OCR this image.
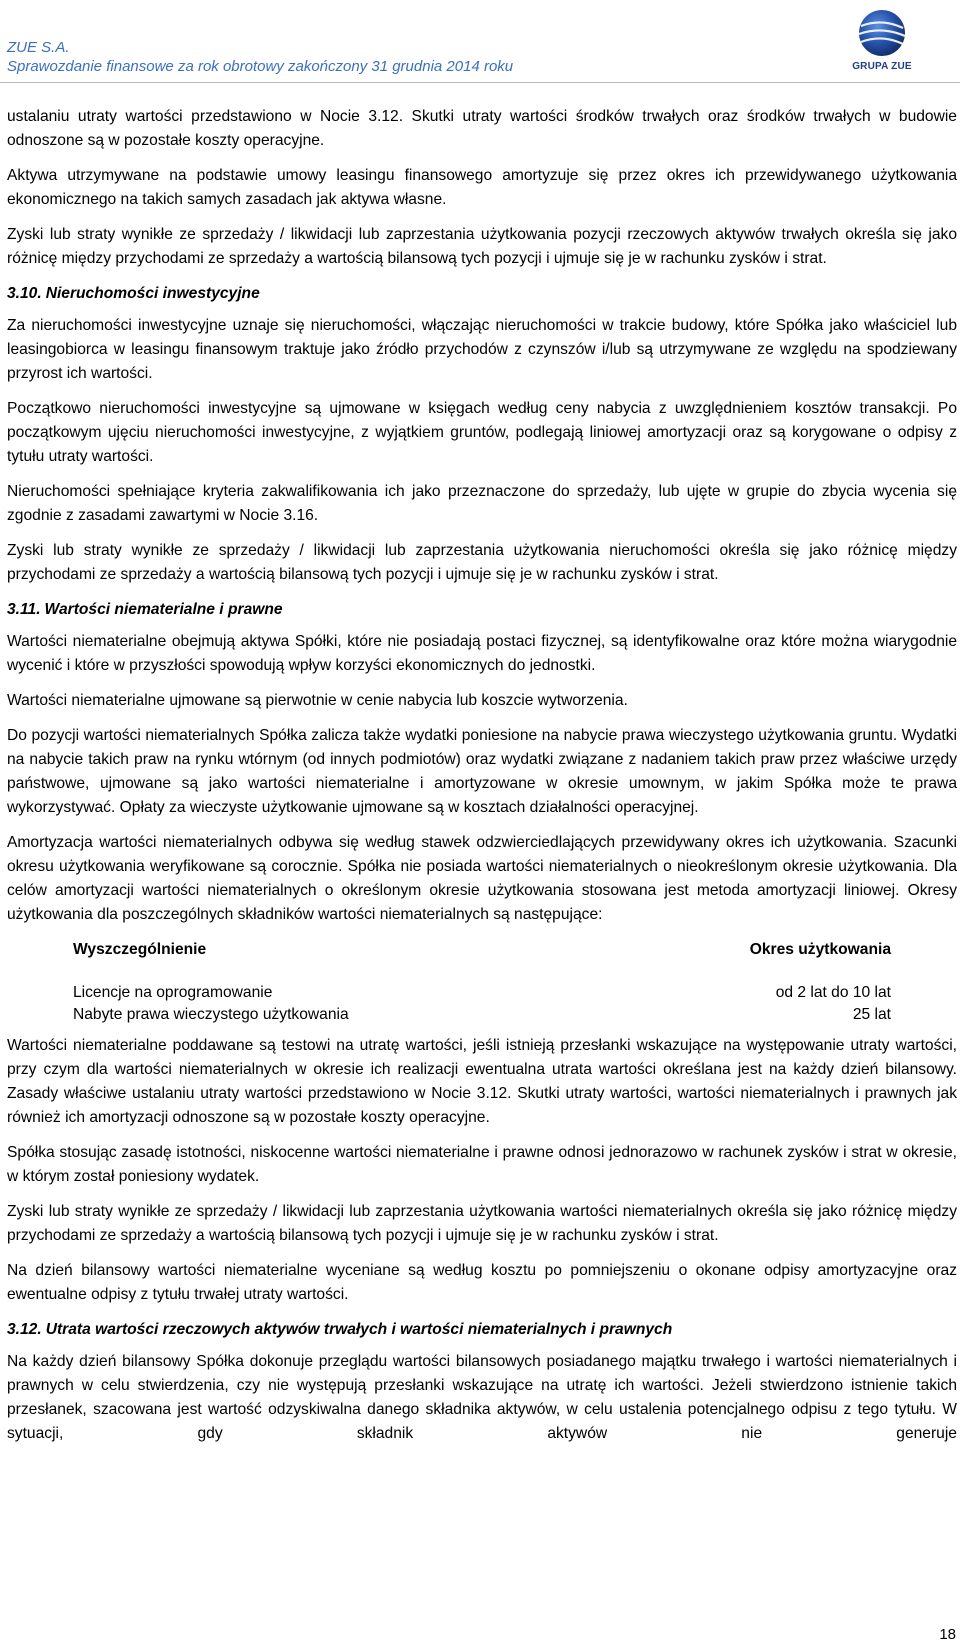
ZUE S.A.
Sprawozdanie finansowe za rok obrotowy zakończony 31 grudnia 2014 roku	GRUPA ZUE

ustalaniu utraty wartości przedstawiono w Nocie 3.12. Skutki utraty wartości środków trwałych oraz środków trwałych w budowie odnoszone są w pozostałe koszty operacyjne.

Aktywa utrzymywane na podstawie umowy leasingu finansowego amortyzuje się przez okres ich przewidywanego użytkowania ekonomicznego na takich samych zasadach jak aktywa własne.

Zyski lub straty wynikłe ze sprzedaży / likwidacji lub zaprzestania użytkowania pozycji rzeczowych aktywów trwałych określa się jako różnicę między przychodami ze sprzedaży a wartością bilansową tych pozycji i ujmuje się je w rachunku zysków i strat.

3.10. Nieruchomości inwestycyjne

Za nieruchomości inwestycyjne uznaje się nieruchomości, włączając nieruchomości w trakcie budowy, które Spółka jako właściciel lub leasingobiorca w leasingu finansowym traktuje jako źródło przychodów z czynszów i/lub są utrzymywane ze względu na spodziewany przyrost ich wartości.

Początkowo nieruchomości inwestycyjne są ujmowane w księgach według ceny nabycia z uwzględnieniem kosztów transakcji. Po początkowym ujęciu nieruchomości inwestycyjne, z wyjątkiem gruntów, podlegają liniowej amortyzacji oraz są korygowane o odpisy z tytułu utraty wartości.

Nieruchomości spełniające kryteria zakwalifikowania ich jako przeznaczone do sprzedaży, lub ujęte w grupie do zbycia wycenia się zgodnie z zasadami zawartymi w Nocie 3.16.

Zyski lub straty wynikłe ze sprzedaży / likwidacji lub zaprzestania użytkowania nieruchomości określa się jako różnicę między przychodami ze sprzedaży a wartością bilansową tych pozycji i ujmuje się je w rachunku zysków i strat.

3.11. Wartości niematerialne i prawne

Wartości niematerialne obejmują aktywa Spółki, które nie posiadają postaci fizycznej, są identyfikowalne oraz które można wiarygodnie wycenić i które w przyszłości spowodują wpływ korzyści ekonomicznych do jednostki.

Wartości niematerialne ujmowane są pierwotnie w cenie nabycia lub koszcie wytworzenia.

Do pozycji wartości niematerialnych Spółka zalicza także wydatki poniesione na nabycie prawa wieczystego użytkowania gruntu. Wydatki na nabycie takich praw na rynku wtórnym (od innych podmiotów) oraz wydatki związane z nadaniem takich praw przez właściwe urzędy państwowe, ujmowane są jako wartości niematerialne i amortyzowane w okresie umownym, w jakim Spółka może te prawa wykorzystywać. Opłaty za wieczyste użytkowanie ujmowane są w kosztach działalności operacyjnej.

Amortyzacja wartości niematerialnych odbywa się według stawek odzwierciedlających przewidywany okres ich użytkowania. Szacunki okresu użytkowania weryfikowane są corocznie. Spółka nie posiada wartości niematerialnych o nieokreślonym okresie użytkowania. Dla celów amortyzacji wartości niematerialnych o określonym okresie użytkowania stosowana jest metoda amortyzacji liniowej. Okresy użytkowania dla poszczególnych składników wartości niematerialnych są następujące:

Wyszczególnienie	Okres użytkowania
Licencje na oprogramowanie	od 2 lat do 10 lat
Nabyte prawa wieczystego użytkowania	25 lat

Wartości niematerialne poddawane są testowi na utratę wartości, jeśli istnieją przesłanki wskazujące na występowanie utraty wartości, przy czym dla wartości niematerialnych w okresie ich realizacji ewentualna utrata wartości określana jest na każdy dzień bilansowy. Zasady właściwe ustalaniu utraty wartości przedstawiono w Nocie 3.12. Skutki utraty wartości, wartości niematerialnych i prawnych jak również ich amortyzacji odnoszone są w pozostałe koszty operacyjne.

Spółka stosując zasadę istotności, niskocenne wartości niematerialne i prawne odnosi jednorazowo w rachunek zysków i strat w okresie, w którym został poniesiony wydatek.

Zyski lub straty wynikłe ze sprzedaży / likwidacji lub zaprzestania użytkowania wartości niematerialnych określa się jako różnicę między przychodami ze sprzedaży a wartością bilansową tych pozycji i ujmuje się je w rachunku zysków i strat.

Na dzień bilansowy wartości niematerialne wyceniane są według kosztu po pomniejszeniu o okonane odpisy amortyzacyjne oraz ewentualne odpisy z tytułu trwałej utraty wartości.

3.12. Utrata wartości rzeczowych aktywów trwałych i wartości niematerialnych i prawnych

Na każdy dzień bilansowy Spółka dokonuje przeglądu wartości bilansowych posiadanego majątku trwałego i wartości niematerialnych i prawnych w celu stwierdzenia, czy nie występują przesłanki wskazujące na utratę ich wartości. Jeżeli stwierdzono istnienie takich przesłanek, szacowana jest wartość odzyskiwalna danego składnika aktywów, w celu ustalenia potencjalnego odpisu z tego tytułu. W sytuacji, gdy składnik aktywów nie generuje

18
